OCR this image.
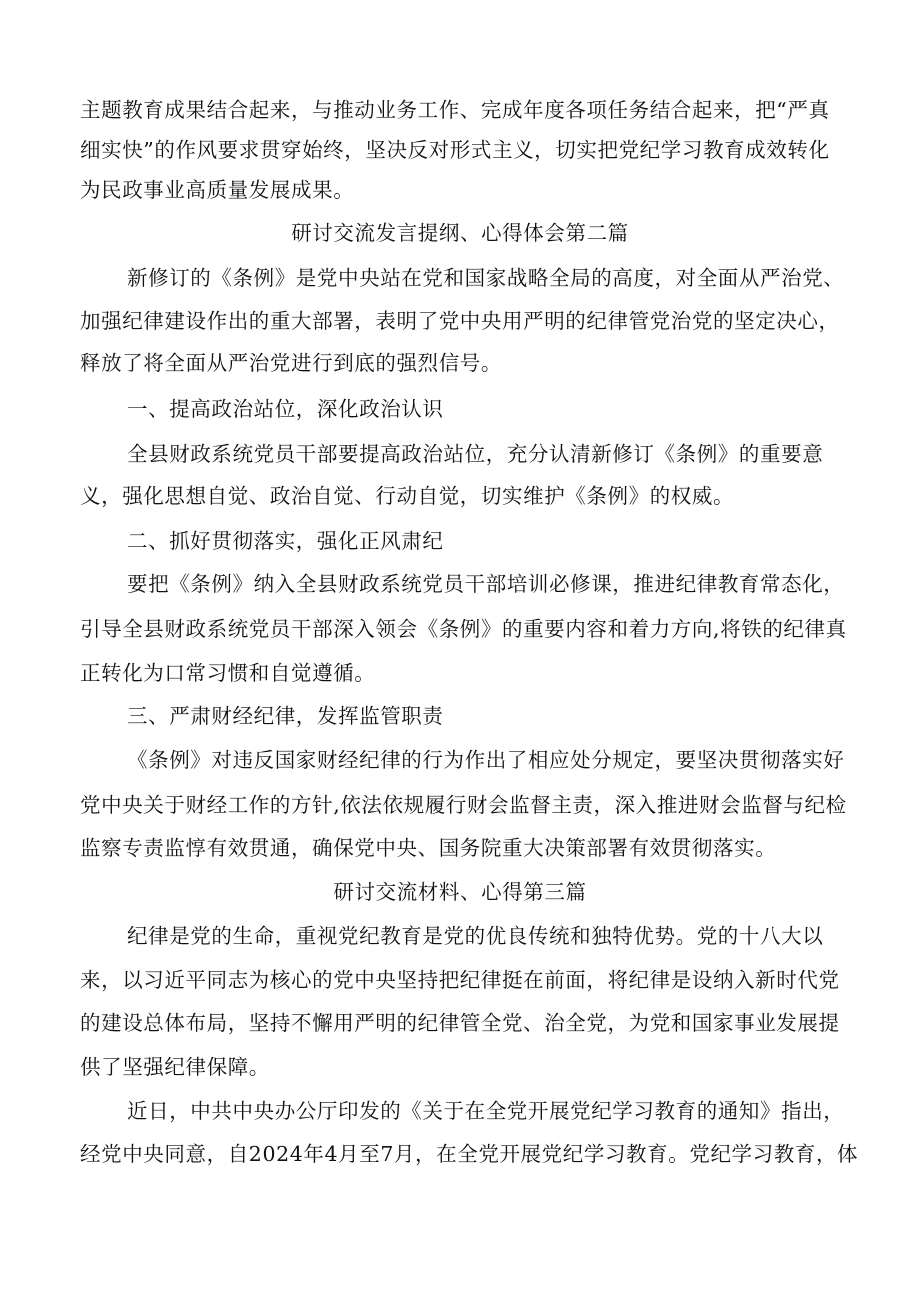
主题教育成果结合起来，与推动业务工作、完成年度各项任务结合起来，把“严真
细实快”的作风要求贯穿始终，坚决反对形式主义，切实把党纪学习教育成效转化
为民政事业高质量发展成果。
研讨交流发言提纲、心得体会第二篇
新修订的《条例》是党中央站在党和国家战略全局的高度，对全面从严治党、
加强纪律建设作出的重大部署，表明了党中央用严明的纪律管党治党的坚定决心，
释放了将全面从严治党进行到底的强烈信号。
一、提高政治站位，深化政治认识
全县财政系统党员干部要提高政治站位，充分认清新修订《条例》的重要意
义，强化思想自觉、政治自觉、行动自觉，切实维护《条例》的权威。
二、抓好贯彻落实，强化正风肃纪
要把《条例》纳入全县财政系统党员干部培训必修课，推进纪律教育常态化，
引导全县财政系统党员干部深入领会《条例》的重要内容和着力方向,将铁的纪律真
正转化为口常习惯和自觉遵循。
三、严肃财经纪律，发挥监管职责
《条例》对违反国家财经纪律的行为作出了相应处分规定，要坚决贯彻落实好
党中央关于财经工作的方针,依法依规履行财会监督主责，深入推进财会监督与纪检
监察专责监惇有效贯通，确保党中央、国务院重大决策部署有效贯彻落实。
研讨交流材料、心得第三篇
纪律是党的生命，重视党纪教育是党的优良传统和独特优势。党的十八大以
来，以习近平同志为核心的党中央坚持把纪律挺在前面，将纪律是设纳入新时代党
的建设总体布局，坚持不懈用严明的纪律管全党、治全党，为党和国家事业发展提
供了坚强纪律保障。
近日，中共中央办公厅印发的《关于在全党开展党纪学习教育的通知》指出，
经党中央同意，自2024年4月至7月，在全党开展党纪学习教育。党纪学习教育，体
